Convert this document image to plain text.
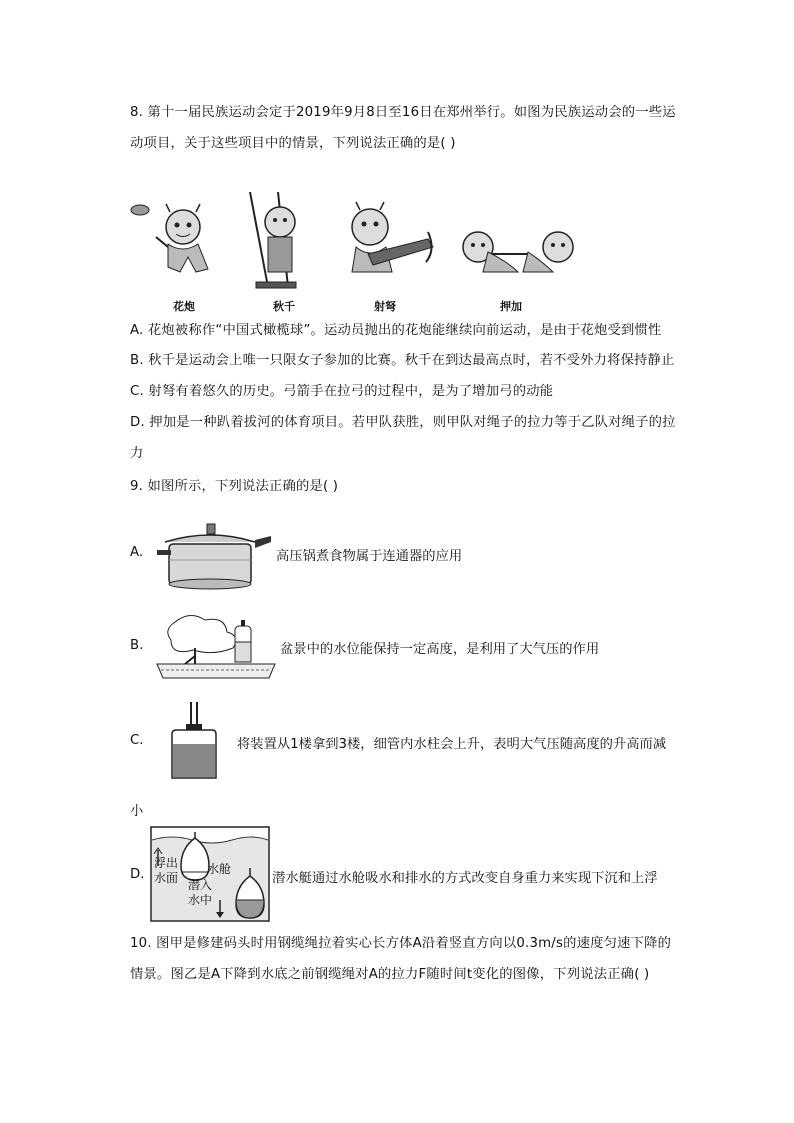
8. 第十一届民族运动会定于2019年9月8日至16日在郑州举行。如图为民族运动会的一些运
动项目，关于这些项目中的情景，下列说法正确的是( )
花炮	秋千	射弩	押加
A. 花炮被称作“中国式橄榄球”。运动员抛出的花炮能继续向前运动，是由于花炮受到惯性
B. 秋千是运动会上唯一只限女子参加的比赛。秋千在到达最高点时，若不受外力将保持静止
C. 射弩有着悠久的历史。弓箭手在拉弓的过程中，是为了增加弓的动能
D. 押加是一种趴着拔河的体育项目。若甲队获胜，则甲队对绳子的拉力等于乙队对绳子的拉
力
9. 如图所示，下列说法正确的是( )
A.	高压锅煮食物属于连通器的应用
B.	盆景中的水位能保持一定高度，是利用了大气压的作用
C.	将装置从1楼拿到3楼，细管内水柱会上升，表明大气压随高度的升高而减
小
D.
浮出
水面
水舱
潜入
水中
潜水艇通过水舱吸水和排水的方式改变自身重力来实现下沉和上浮
10. 图甲是修建码头时用钢缆绳拉着实心长方体A沿着竖直方向以0.3m/s的速度匀速下降的
情景。图乙是A下降到水底之前钢缆绳对A的拉力F随时间t变化的图像，下列说法正确( )
